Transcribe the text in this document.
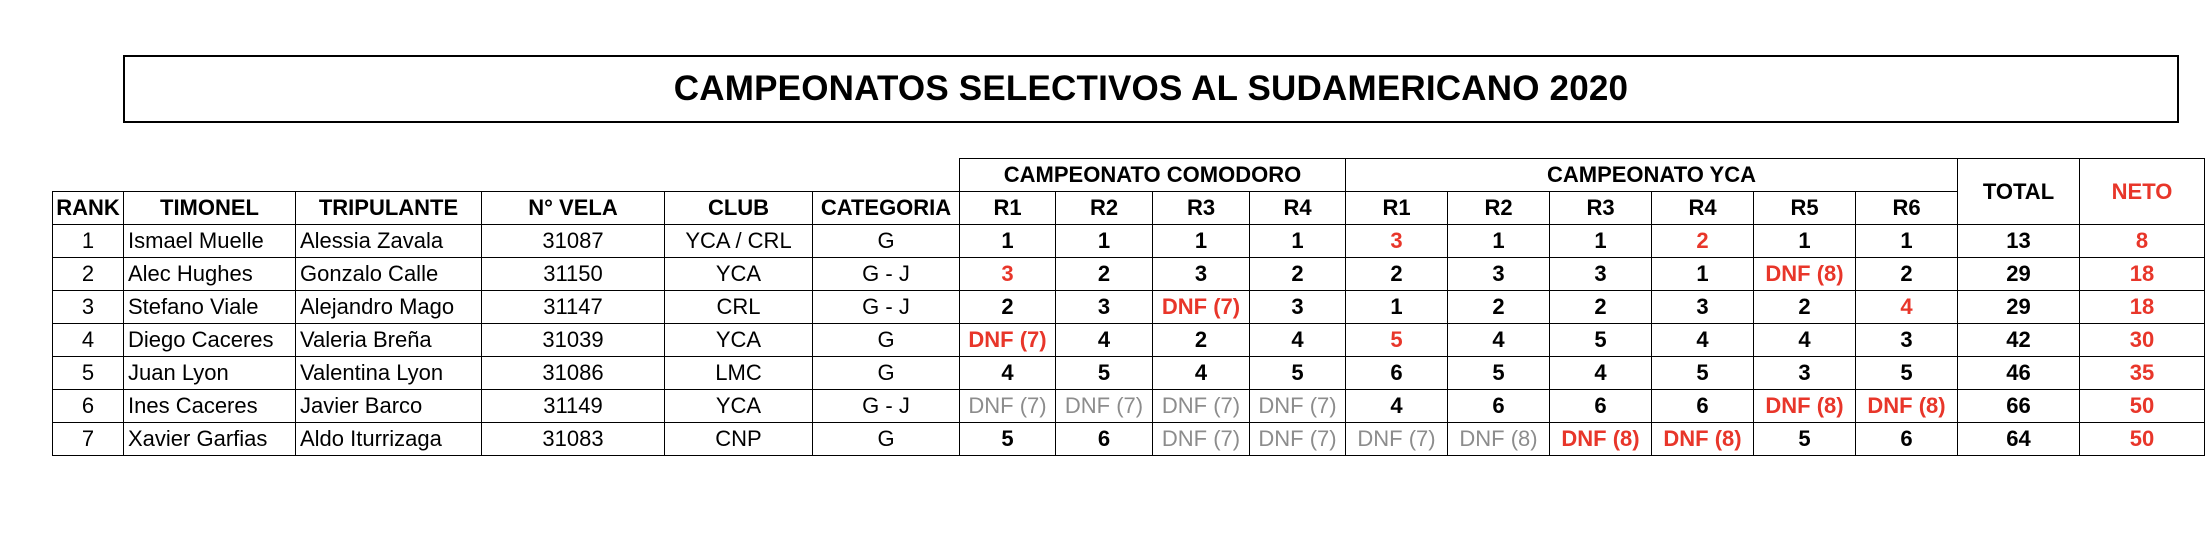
CAMPEONATOS SELECTIVOS AL SUDAMERICANO 2020
						CAMPEONATO COMODORO				CAMPEONATO YCA						TOTAL	NETO
RANK	TIMONEL	TRIPULANTE	N° VELA	CLUB	CATEGORIA	R1	R2	R3	R4	R1	R2	R3	R4	R5	R6		
1	Ismael Muelle	Alessia Zavala	31087	YCA / CRL	G	1	1	1	1	3	1	1	2	1	1	13	8
2	Alec Hughes	Gonzalo Calle	31150	YCA	G - J	3	2	3	2	2	3	3	1	DNF (8)	2	29	18
3	Stefano Viale	Alejandro Mago	31147	CRL	G - J	2	3	DNF (7)	3	1	2	2	3	2	4	29	18
4	Diego Caceres	Valeria Breña	31039	YCA	G	DNF (7)	4	2	4	5	4	5	4	4	3	42	30
5	Juan Lyon	Valentina Lyon	31086	LMC	G	4	5	4	5	6	5	4	5	3	5	46	35
6	Ines Caceres	Javier Barco	31149	YCA	G - J	DNF (7)	DNF (7)	DNF (7)	DNF (7)	4	6	6	6	DNF (8)	DNF (8)	66	50
7	Xavier Garfias	Aldo Iturrizaga	31083	CNP	G	5	6	DNF (7)	DNF (7)	DNF (7)	DNF (8)	DNF (8)	DNF (8)	5	6	64	50
